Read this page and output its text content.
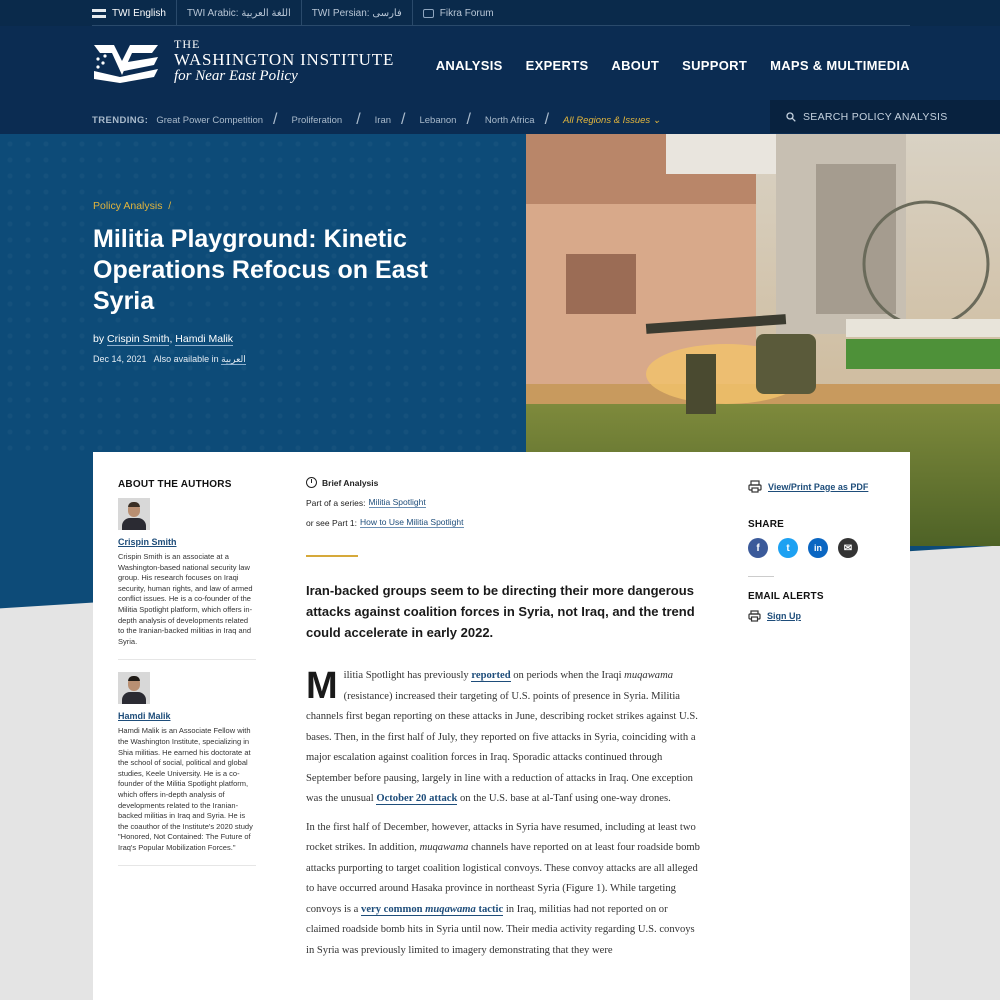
TWI English TWI Arabic: اللغة العربية TWI Persian: فارسی	Fikra Forum
THE
WASHINGTON INSTITUTE
for Near East Policy
ANALYSIS EXPERTS ABOUT SUPPORT MAPS & MULTIMEDIA
TRENDING: Great Power Competition / Proliferation / Iran / Lebanon / North Africa / All Regions & Issues ⌄	SEARCH POLICY ANALYSIS
Policy Analysis  /
Militia Playground: Kinetic Operations Refocus on East Syria
by Crispin Smith, Hamdi Malik
Dec 14, 2021 Also available in العربية
ABOUT THE AUTHORS
Crispin Smith

Crispin Smith is an associate at a Washington-based national security law group. His research focuses on Iraqi security, human rights, and law of armed conflict issues. He is a co-founder of the Militia Spotlight platform, which offers in-depth analysis of developments related to the Iranian-backed militias in Iraq and Syria.

Hamdi Malik

Hamdi Malik is an Associate Fellow with the Washington Institute, specializing in Shia militias. He earned his doctorate at the school of social, political and global studies, Keele University. He is a co-founder of the Militia Spotlight platform, which offers in-depth analysis of developments related to the Iranian-backed militias in Iraq and Syria. He is the coauthor of the Institute's 2020 study "Honored, Not Contained: The Future of Iraq's Popular Mobilization Forces."

Brief Analysis
Part of a series: Militia Spotlight
or see Part 1: How to Use Militia Spotlight

Iran-backed groups seem to be directing their more dangerous attacks against coalition forces in Syria, not Iraq, and the trend could accelerate in early 2022.

Militia Spotlight has previously reported on periods when the Iraqi muqawama (resistance) increased their targeting of U.S. points of presence in Syria. Militia channels first began reporting on these attacks in June, describing rocket strikes against U.S. bases. Then, in the first half of July, they reported on five attacks in Syria, coinciding with a major escalation against coalition forces in Iraq. Sporadic attacks continued through September before pausing, largely in line with a reduction of attacks in Iraq. One exception was the unusual October 20 attack on the U.S. base at al-Tanf using one-way drones.

In the first half of December, however, attacks in Syria have resumed, including at least two rocket strikes. In addition, muqawama channels have reported on at least four roadside bomb attacks purporting to target coalition logistical convoys. These convoy attacks are all alleged to have occurred around Hasaka province in northeast Syria (Figure 1). While targeting convoys is a very common muqawama tactic in Iraq, militias had not reported on or claimed roadside bomb hits in Syria until now. Their media activity regarding U.S. convoys in Syria was previously limited to imagery demonstrating that they were

View/Print Page as PDF
SHARE
f	t	in ✉
EMAIL ALERTS
Sign Up
